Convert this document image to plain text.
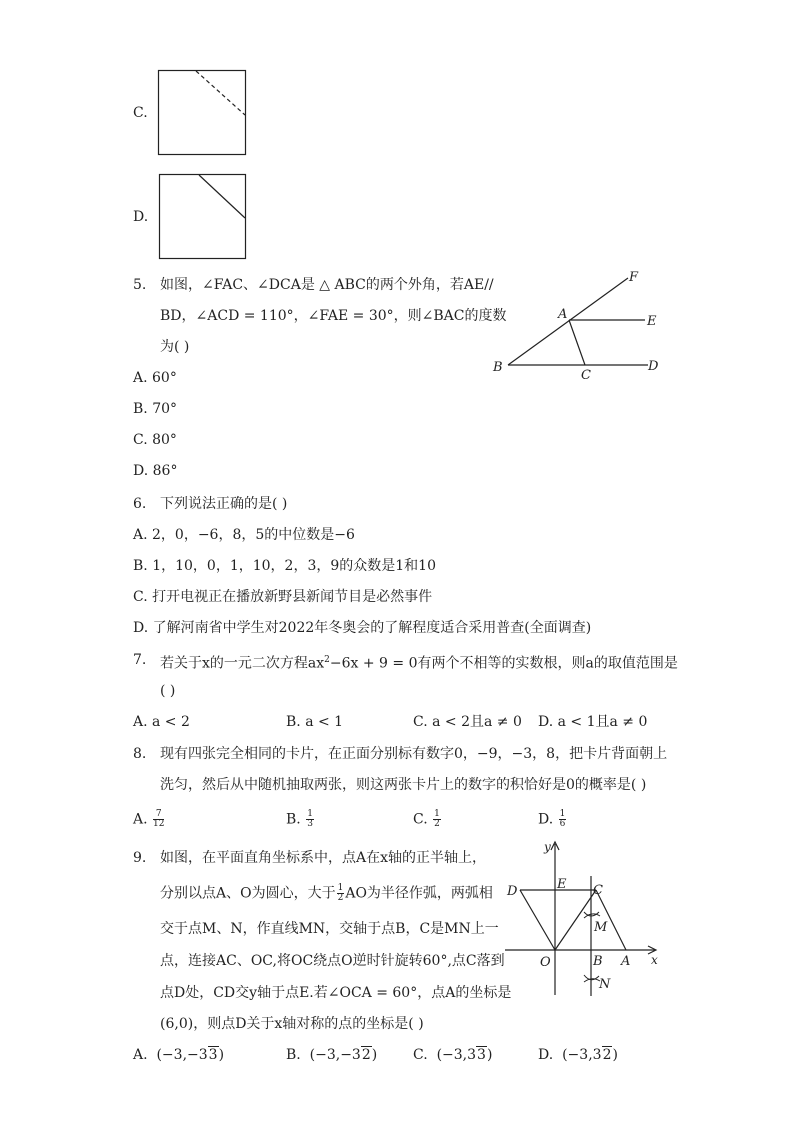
C.
D.
5. 如图，∠FAC、∠DCA是 △ ABC的两个外角，若AE//
BD，∠ACD = 110°，∠FAE = 30°，则∠BAC的度数
为( )
A. 60°
B. 70°
C. 80°
D. 86°
F
A	E
B
C
D
6. 下列说法正确的是( )
A. 2，0，−6，8，5的中位数是−6
B. 1，10，0，1，10，2，3，9的众数是1和10
C. 打开电视正在播放新野县新闻节目是必然事件
D. 了解河南省中学生对2022年冬奥会的了解程度适合采用普查(全面调查)
7. 若关于x的一元二次方程$ax^2-6x + 9 = 0$有两个不相等的实数根，则a的取值范围是
( )
A. a < 2	B. a < 1	C. a < 2且a ≠ 0 D. a < 1且a ≠ 0
8. 现有四张完全相同的卡片，在正面分别标有数字0，−9，−3，8，把卡片背面朝上
洗匀，然后从中随机抽取两张，则这两张卡片上的数字的积恰好是0的概率是( )
A. $\frac{7}{12}$	B. $\frac{1}{3}$	C. $\frac{1}{2}$	D. $\frac{1}{6}$
9. 如图，在平面直角坐标系中，点A在x轴的正半轴上，
分别以点A、O为圆心，大于 $\frac{1}{2}$ AO为半径作弧，两弧相
交于点M、N，作直线MN，交轴于点B，C是MN上一
点，连接AC、OC,将OC绕点O逆时针旋转60°,点C落到
点D处，CD交y轴于点E.若∠OCA = 60°，点A的坐标是
(6,0)，则点D关于x轴对称的点的坐标是( )
A. (−3,−33)	B. (−3,−32)	C. (−3,33)	D. (−3,32)
y
x
D	E C
M
O	B A
N
